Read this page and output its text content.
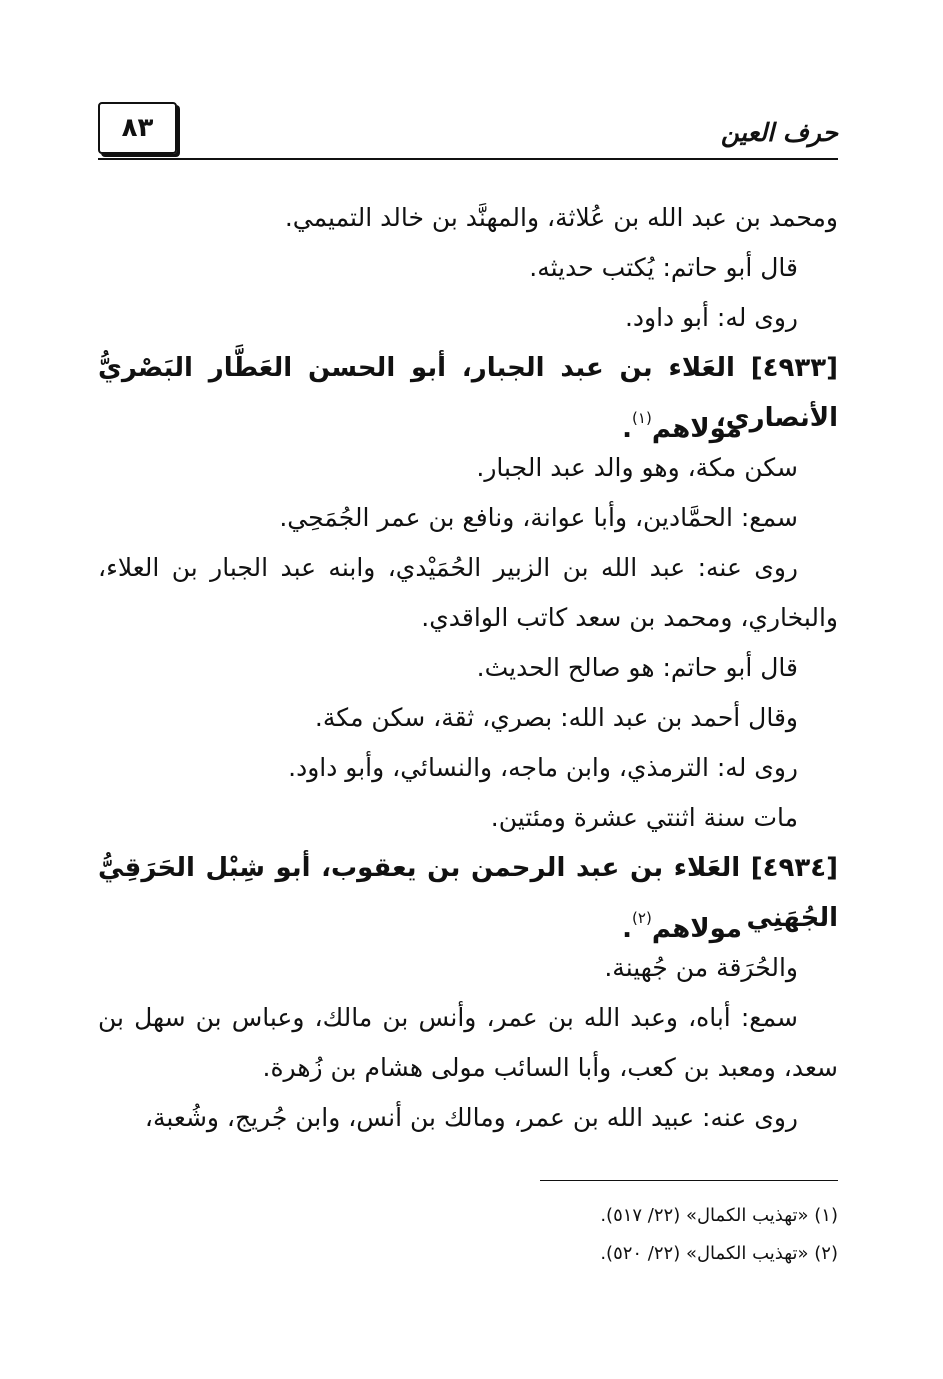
٨٣	حرف العين
ومحمد بن عبد الله بن عُلاثة، والمهنَّد بن خالد التميمي.
قال أبو حاتم: يُكتب حديثه.
روى له: أبو داود.
[٤٩٣٣] العَلاء بن عبد الجبار، أبو الحسن العَطَّار البَصْريُّ الأنصاري،
مولاهم$^{(١)}$.
سكن مكة، وهو والد عبد الجبار.
سمع: الحمَّادين، وأبا عوانة، ونافع بن عمر الجُمَحِي.
روى عنه: عبد الله بن الزبير الحُمَيْدي، وابنه عبد الجبار بن العلاء،
والبخاري، ومحمد بن سعد كاتب الواقدي.
قال أبو حاتم: هو صالح الحديث.
وقال أحمد بن عبد الله: بصري، ثقة، سكن مكة.
روى له: الترمذي، وابن ماجه، والنسائي، وأبو داود.
مات سنة اثنتي عشرة ومئتين.
[٤٩٣٤] العَلاء بن عبد الرحمن بن يعقوب، أبو شِبْل الحَرَقِيُّ الجُهَنِي
مولاهم$^{(٢)}$.
والحُرَقة من جُهينة.
سمع: أباه، وعبد الله بن عمر، وأنس بن مالك، وعباس بن سهل بن
سعد، ومعبد بن كعب، وأبا السائب مولى هشام بن زُهرة.
روى عنه: عبيد الله بن عمر، ومالك بن أنس، وابن جُريج، وشُعبة،
(١) «تهذيب الكمال» (٢٢/ ٥١٧).
(٢) «تهذيب الكمال» (٢٢/ ٥٢٠).
